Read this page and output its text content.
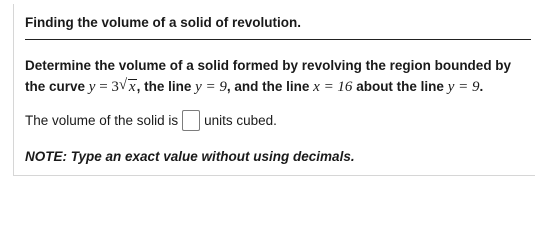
Finding the volume of a solid of revolution.
Determine the volume of a solid formed by revolving the region bounded by the curve y = 3√ x, the line y = 9, and the line x = 16 about the line y = 9.
The volume of the solid is units cubed.
NOTE: Type an exact value without using decimals.
